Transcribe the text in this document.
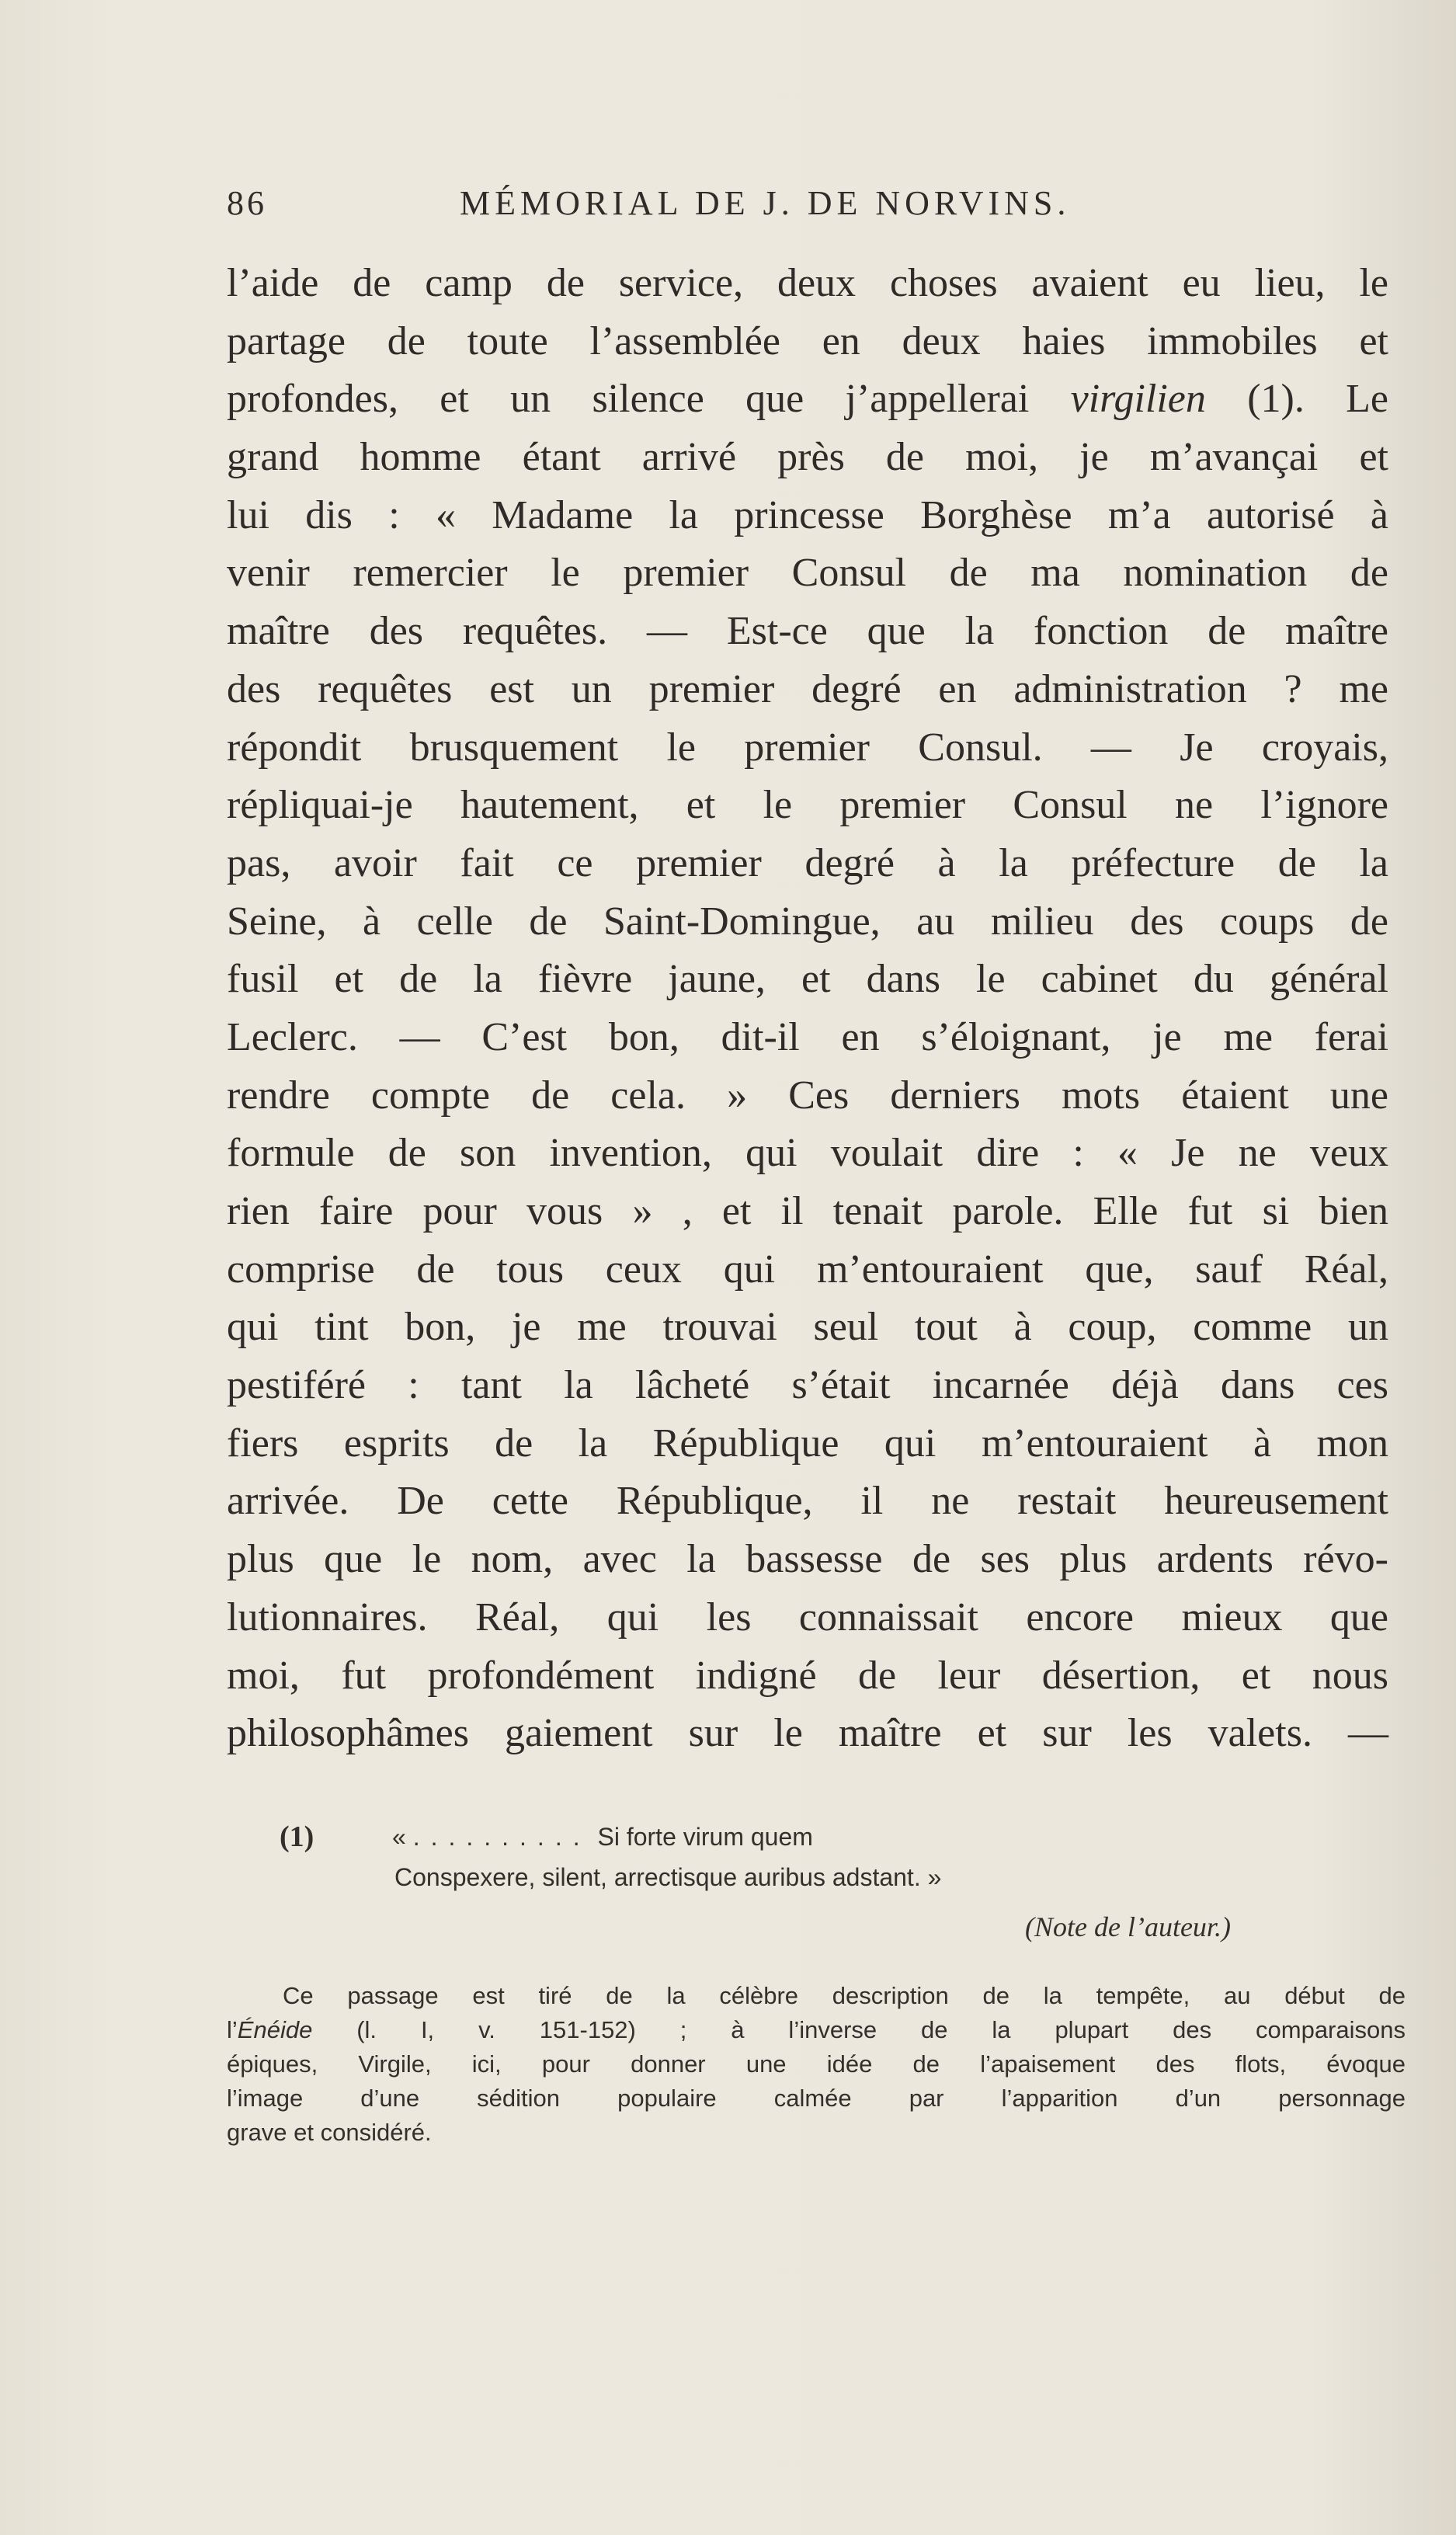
86	MÉMORIAL DE J. DE NORVINS.
l’aide de camp de service, deux choses avaient eu lieu, le
partage de toute l’assemblée en deux haies immobiles et
profondes, et un silence que j’appellerai virgilien (1). Le
grand homme étant arrivé près de moi, je m’avançai et
lui dis : « Madame la princesse Borghèse m’a autorisé à
venir remercier le premier Consul de ma nomination de
maître des requêtes. — Est-ce que la fonction de maître
des requêtes est un premier degré en administration ? me
répondit brusquement le premier Consul. — Je croyais,
répliquai-je hautement, et le premier Consul ne l’ignore
pas, avoir fait ce premier degré à la préfecture de la
Seine, à celle de Saint-Domingue, au milieu des coups de
fusil et de la fièvre jaune, et dans le cabinet du général
Leclerc. — C’est bon, dit-il en s’éloignant, je me ferai
rendre compte de cela. » Ces derniers mots étaient une
formule de son invention, qui voulait dire : « Je ne veux
rien faire pour vous » , et il tenait parole. Elle fut si bien
comprise de tous ceux qui m’entouraient que, sauf Réal,
qui tint bon, je me trouvai seul tout à coup, comme un
pestiféré : tant la lâcheté s’était incarnée déjà dans ces
fiers esprits de la République qui m’entouraient à mon
arrivée. De cette République, il ne restait heureusement
plus que le nom, avec la bassesse de ses plus ardents révo-
lutionnaires. Réal, qui les connaissait encore mieux que
moi, fut profondément indigné de leur désertion, et nous
philosophâmes gaiement sur le maître et sur les valets. —
(1)	« .......... Si forte virum quem
Conspexere, silent, arrectisque auribus adstant. »
(Note de l’auteur.)
Ce passage est tiré de la célèbre description de la tempête, au début de
l’Énéide (l. I, v. 151-152) ; à l’inverse de la plupart des comparaisons
épiques, Virgile, ici, pour donner une idée de l’apaisement des flots, évoque
l’image d’une sédition populaire calmée par l’apparition d’un personnage
grave et considéré.
